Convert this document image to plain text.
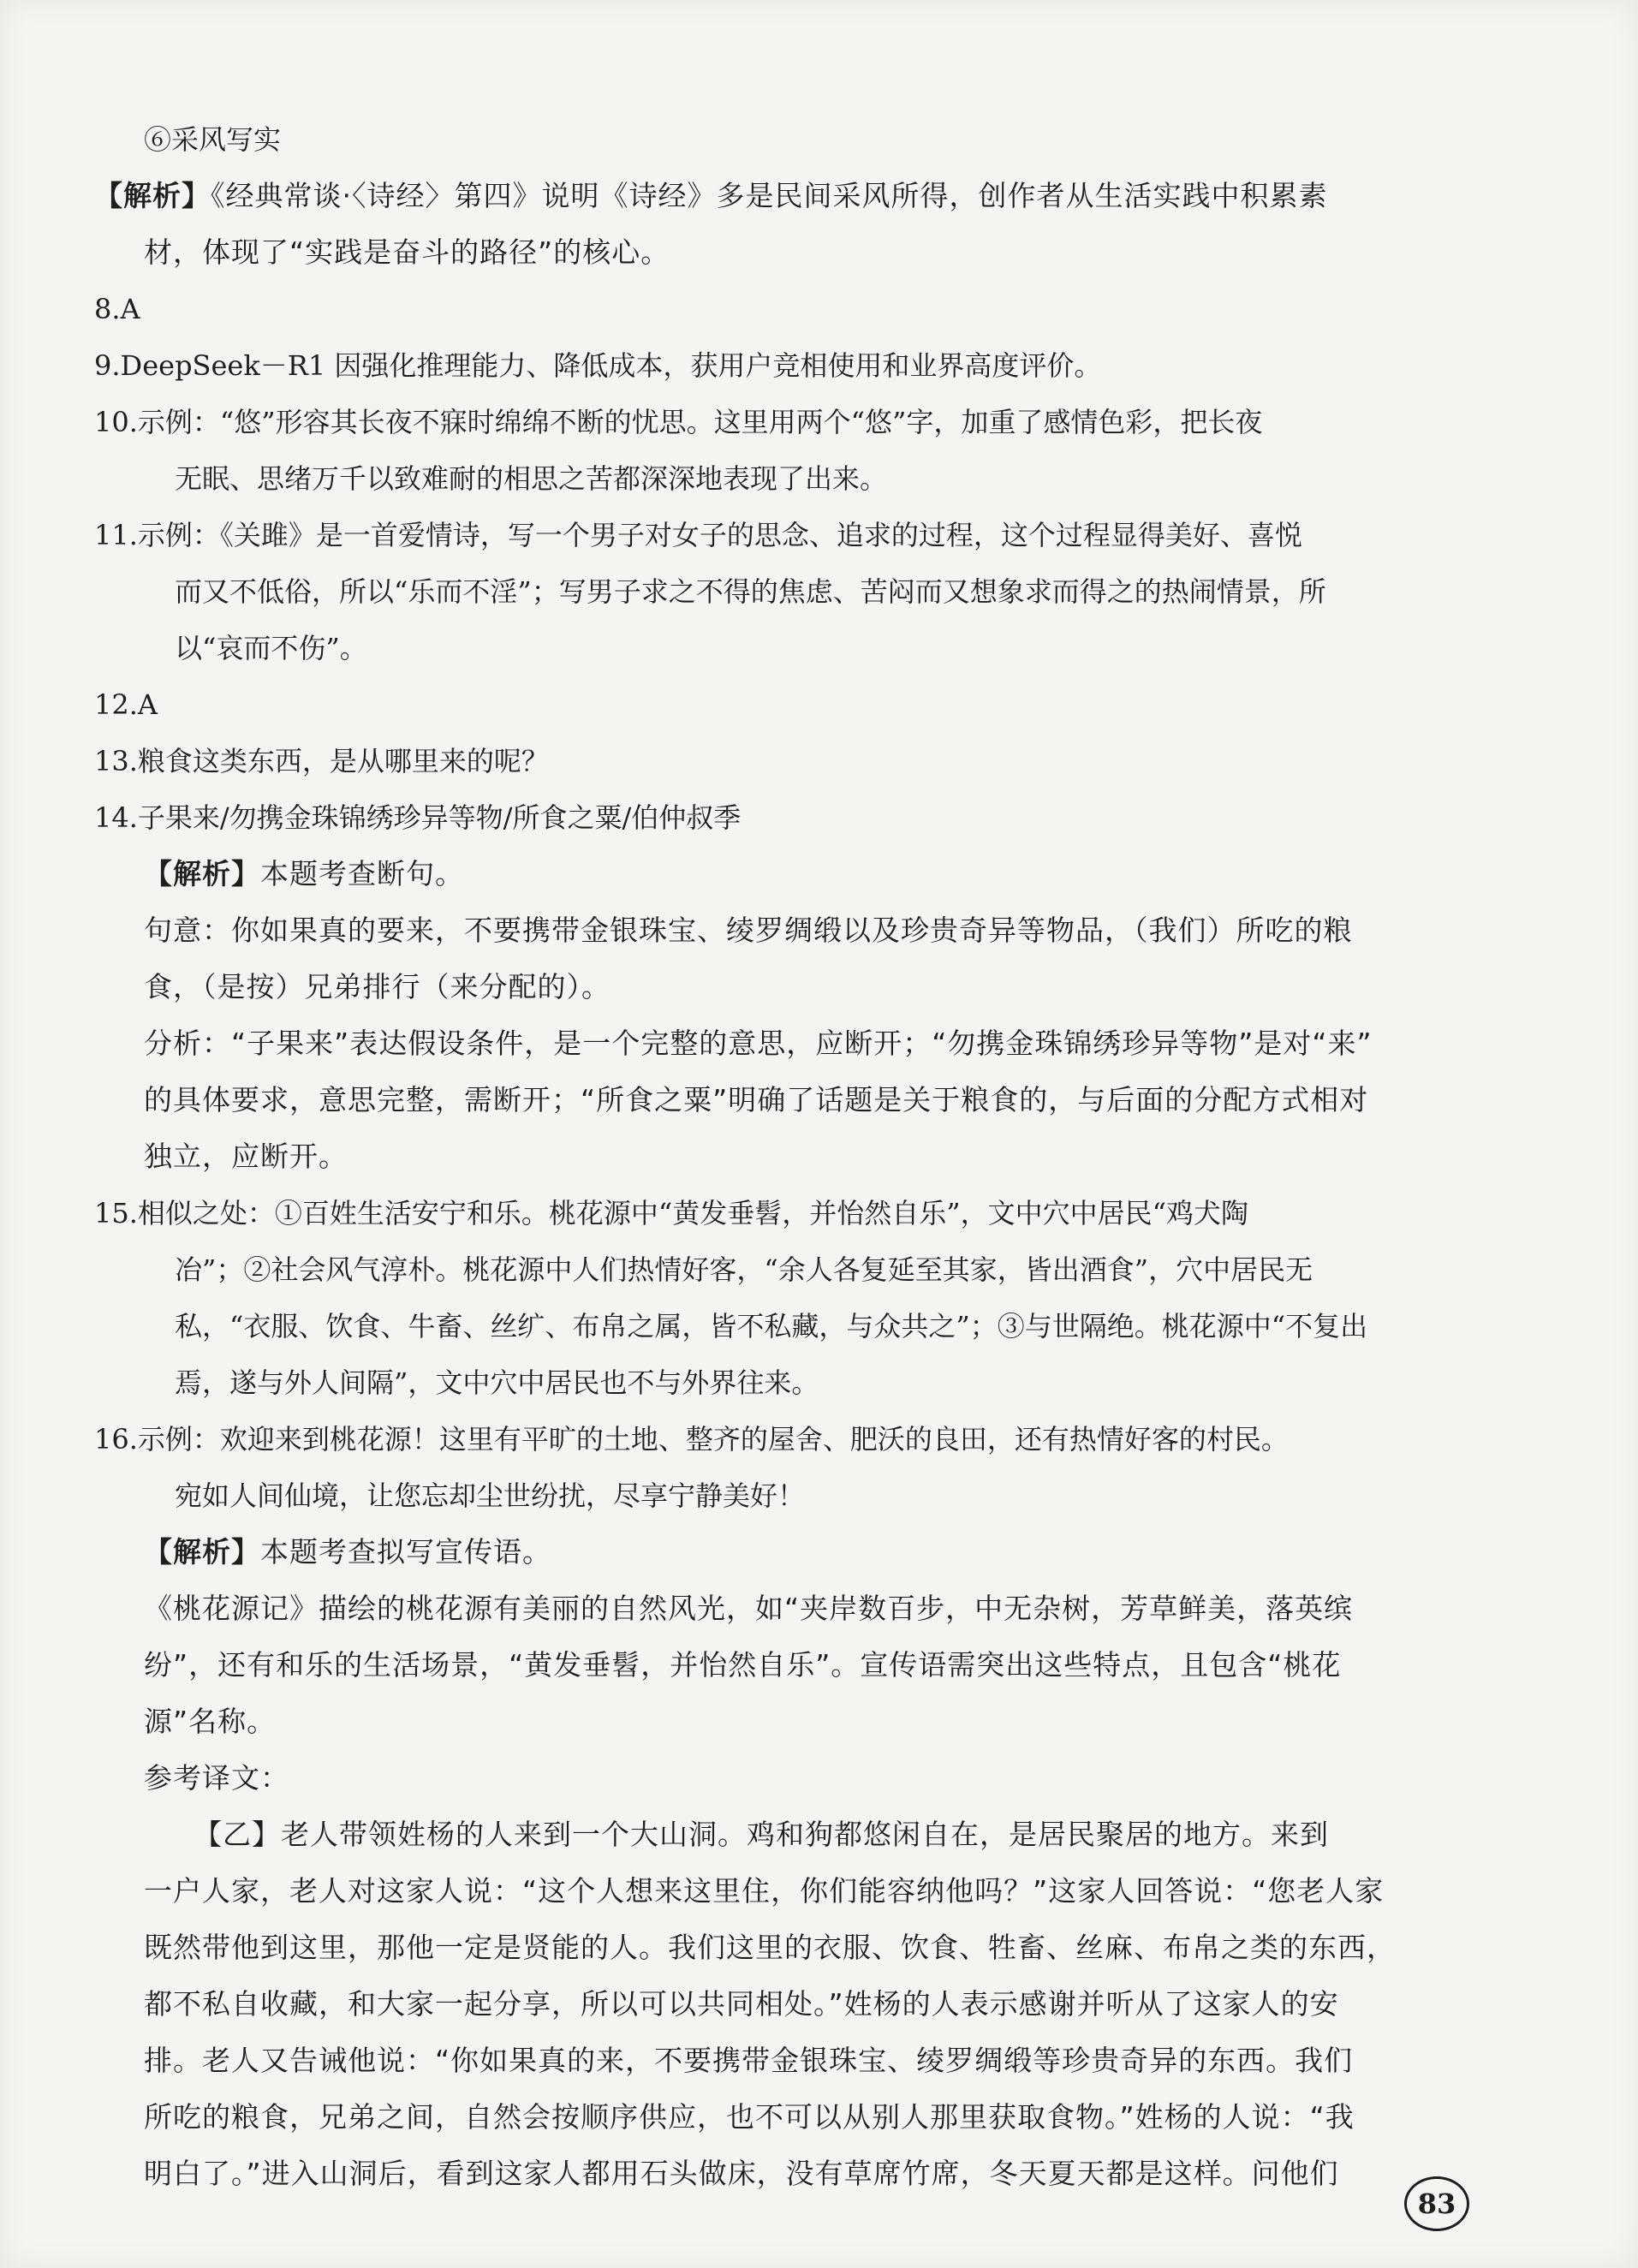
⑥采风写实
【解析】《经典常谈·〈诗经〉第四》说明《诗经》多是民间采风所得，创作者从生活实践中积累素
材，体现了“实践是奋斗的路径”的核心。
8.A
9.DeepSeek－R1 因强化推理能力、降低成本，获用户竞相使用和业界高度评价。
10.示例：“悠”形容其长夜不寐时绵绵不断的忧思。这里用两个“悠”字，加重了感情色彩，把长夜
无眠、思绪万千以致难耐的相思之苦都深深地表现了出来。
11.示例：《关雎》是一首爱情诗，写一个男子对女子的思念、追求的过程，这个过程显得美好、喜悦
而又不低俗，所以“乐而不淫”；写男子求之不得的焦虑、苦闷而又想象求而得之的热闹情景，所
以“哀而不伤”。
12.A
13.粮食这类东西，是从哪里来的呢？
14.子果来/勿携金珠锦绣珍异等物/所食之粟/伯仲叔季
【解析】本题考查断句。
句意：你如果真的要来，不要携带金银珠宝、绫罗绸缎以及珍贵奇异等物品，（我们）所吃的粮
食，（是按）兄弟排行（来分配的）。
分析：“子果来”表达假设条件，是一个完整的意思，应断开；“勿携金珠锦绣珍异等物”是对“来”
的具体要求，意思完整，需断开；“所食之粟”明确了话题是关于粮食的，与后面的分配方式相对
独立，应断开。
15.相似之处：①百姓生活安宁和乐。桃花源中“黄发垂髫，并怡然自乐”，文中穴中居民“鸡犬陶
冶”；②社会风气淳朴。桃花源中人们热情好客，“余人各复延至其家，皆出酒食”，穴中居民无
私，“衣服、饮食、牛畜、丝纩、布帛之属，皆不私藏，与众共之”；③与世隔绝。桃花源中“不复出
焉，遂与外人间隔”，文中穴中居民也不与外界往来。
16.示例：欢迎来到桃花源！这里有平旷的土地、整齐的屋舍、肥沃的良田，还有热情好客的村民。
宛如人间仙境，让您忘却尘世纷扰，尽享宁静美好！
【解析】本题考查拟写宣传语。
《桃花源记》描绘的桃花源有美丽的自然风光，如“夹岸数百步，中无杂树，芳草鲜美，落英缤
纷”，还有和乐的生活场景，“黄发垂髫，并怡然自乐”。宣传语需突出这些特点，且包含“桃花
源”名称。
参考译文：
【乙】老人带领姓杨的人来到一个大山洞。鸡和狗都悠闲自在，是居民聚居的地方。来到
一户人家，老人对这家人说：“这个人想来这里住，你们能容纳他吗？”这家人回答说：“您老人家
既然带他到这里，那他一定是贤能的人。我们这里的衣服、饮食、牲畜、丝麻、布帛之类的东西，
都不私自收藏，和大家一起分享，所以可以共同相处。”姓杨的人表示感谢并听从了这家人的安
排。老人又告诫他说：“你如果真的来，不要携带金银珠宝、绫罗绸缎等珍贵奇异的东西。我们
所吃的粮食，兄弟之间，自然会按顺序供应，也不可以从别人那里获取食物。”姓杨的人说：“我
明白了。”进入山洞后，看到这家人都用石头做床，没有草席竹席，冬天夏天都是这样。问他们
83
